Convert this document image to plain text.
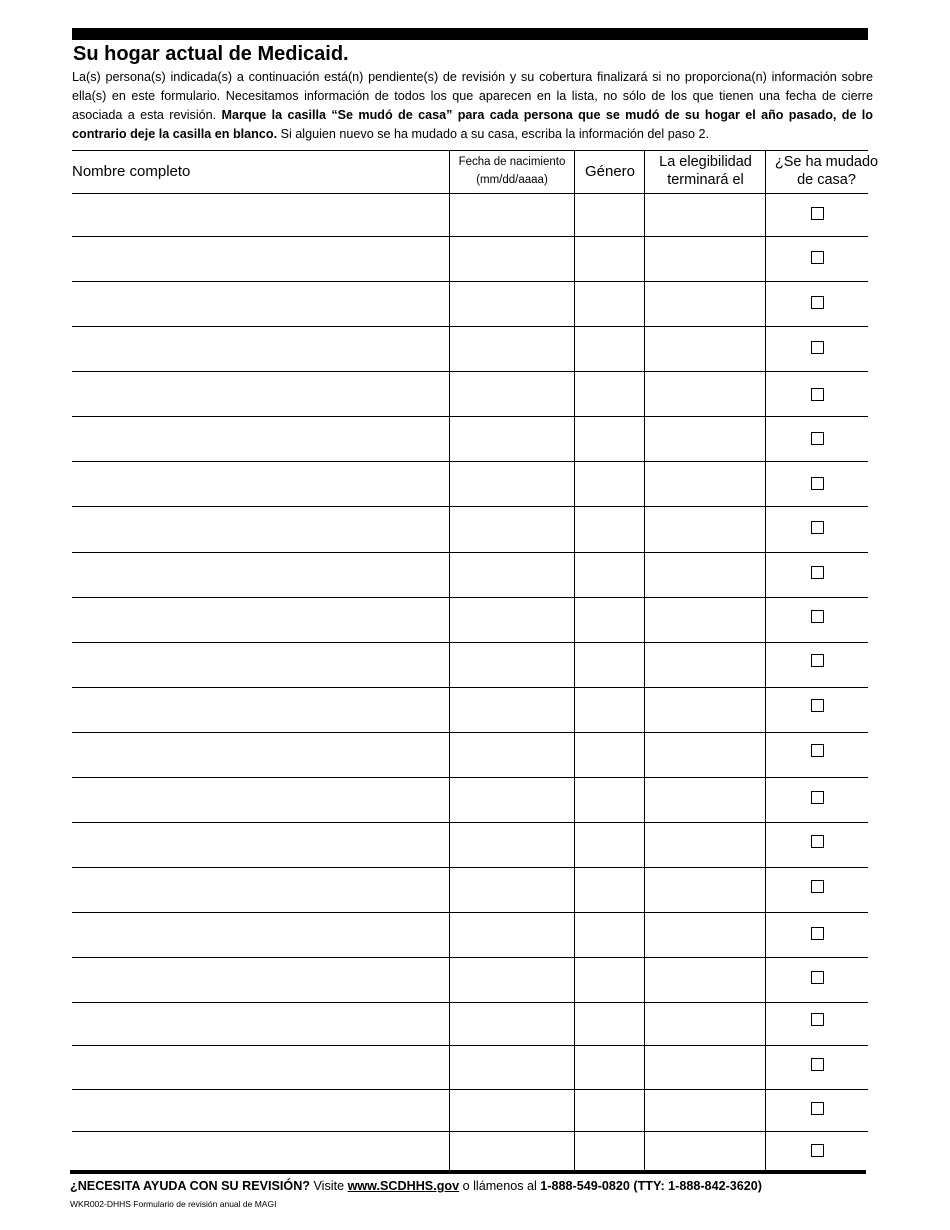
Su hogar actual de Medicaid.

La(s) persona(s) indicada(s) a continuación está(n) pendiente(s) de revisión y su cobertura finalizará si no proporciona(n) información sobre ella(s) en este formulario. Necesitamos información de todos los que aparecen en la lista, no sólo de los que tienen una fecha de cierre asociada a esta revisión. Marque la casilla “Se mudó de casa” para cada persona que se mudó de su hogar el año pasado, de lo contrario deje la casilla en blanco. Si alguien nuevo se ha mudado a su casa, escriba la información del paso 2.

Nombre completo
Fecha de nacimiento
(mm/dd/aaaa)
Género
La elegibilidad
terminará el
¿Se ha mudado
de casa?

¿NECESITA AYUDA CON SU REVISIÓN? Visite www.SCDHHS.gov o llámenos al 1-888-549-0820 (TTY: 1-888-842-3620)

WKR002-DHHS Formulario de revisión anual de MAGI
